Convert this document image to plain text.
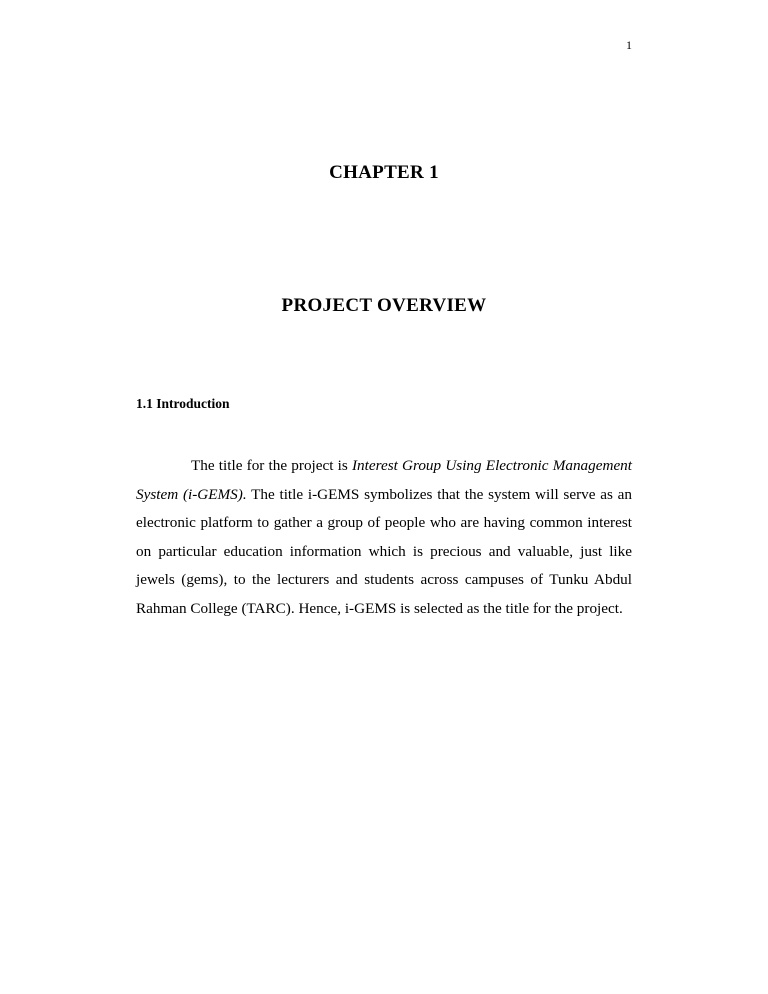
1
CHAPTER 1
PROJECT OVERVIEW
1.1 Introduction

The title for the project is Interest Group Using Electronic Management System (i-GEMS). The title i-GEMS symbolizes that the system will serve as an electronic platform to gather a group of people who are having common interest on particular education information which is precious and valuable, just like jewels (gems), to the lecturers and students across campuses of Tunku Abdul Rahman College (TARC). Hence, i-GEMS is selected as the title for the project.
